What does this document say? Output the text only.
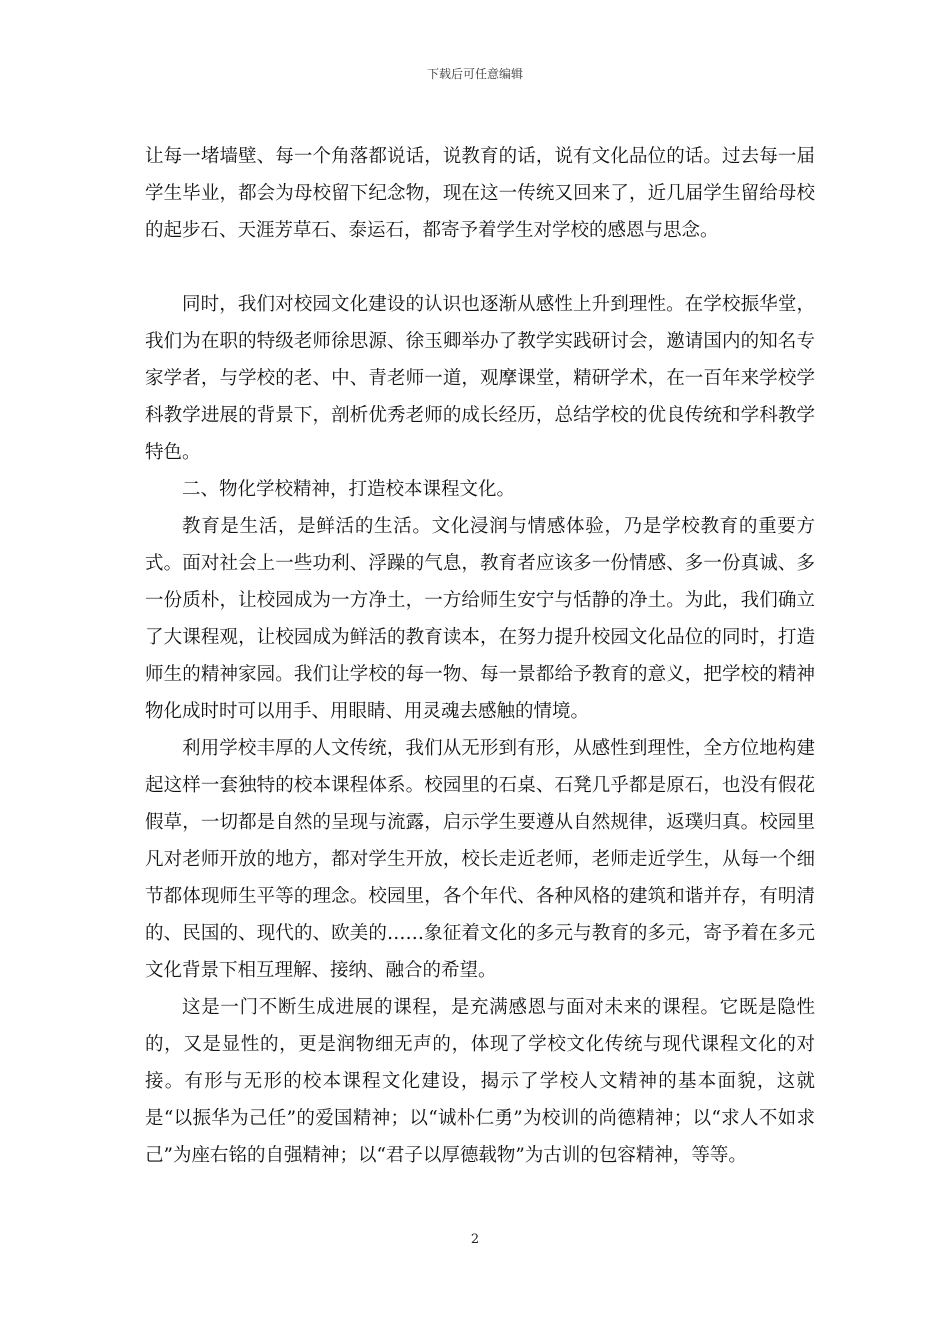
下载后可任意编辑

让每一堵墙壁、每一个角落都说话，说教育的话，说有文化品位的话。过去每一届学生毕业，都会为母校留下纪念物，现在这一传统又回来了，近几届学生留给母校的起步石、天涯芳草石、泰运石，都寄予着学生对学校的感恩与思念。

同时，我们对校园文化建设的认识也逐渐从感性上升到理性。在学校振华堂，我们为在职的特级老师徐思源、徐玉卿举办了教学实践研讨会，邀请国内的知名专家学者，与学校的老、中、青老师一道，观摩课堂，精研学术，在一百年来学校学科教学进展的背景下，剖析优秀老师的成长经历，总结学校的优良传统和学科教学特色。

二、物化学校精神，打造校本课程文化。

教育是生活，是鲜活的生活。文化浸润与情感体验，乃是学校教育的重要方式。面对社会上一些功利、浮躁的气息，教育者应该多一份情感、多一份真诚、多一份质朴，让校园成为一方净土，一方给师生安宁与恬静的净土。为此，我们确立了大课程观，让校园成为鲜活的教育读本，在努力提升校园文化品位的同时，打造师生的精神家园。我们让学校的每一物、每一景都给予教育的意义，把学校的精神物化成时时可以用手、用眼睛、用灵魂去感触的情境。

利用学校丰厚的人文传统，我们从无形到有形，从感性到理性，全方位地构建起这样一套独特的校本课程体系。校园里的石桌、石凳几乎都是原石，也没有假花假草，一切都是自然的呈现与流露，启示学生要遵从自然规律，返璞归真。校园里凡对老师开放的地方，都对学生开放，校长走近老师，老师走近学生，从每一个细节都体现师生平等的理念。校园里，各个年代、各种风格的建筑和谐并存，有明清的、民国的、现代的、欧美的……象征着文化的多元与教育的多元，寄予着在多元文化背景下相互理解、接纳、融合的希望。

这是一门不断生成进展的课程，是充满感恩与面对未来的课程。它既是隐性的，又是显性的，更是润物细无声的，体现了学校文化传统与现代课程文化的对接。有形与无形的校本课程文化建设，揭示了学校人文精神的基本面貌，这就是“以振华为己任”的爱国精神；以“诚朴仁勇”为校训的尚德精神；以“求人不如求己”为座右铭的自强精神；以“君子以厚德载物”为古训的包容精神，等等。

2
